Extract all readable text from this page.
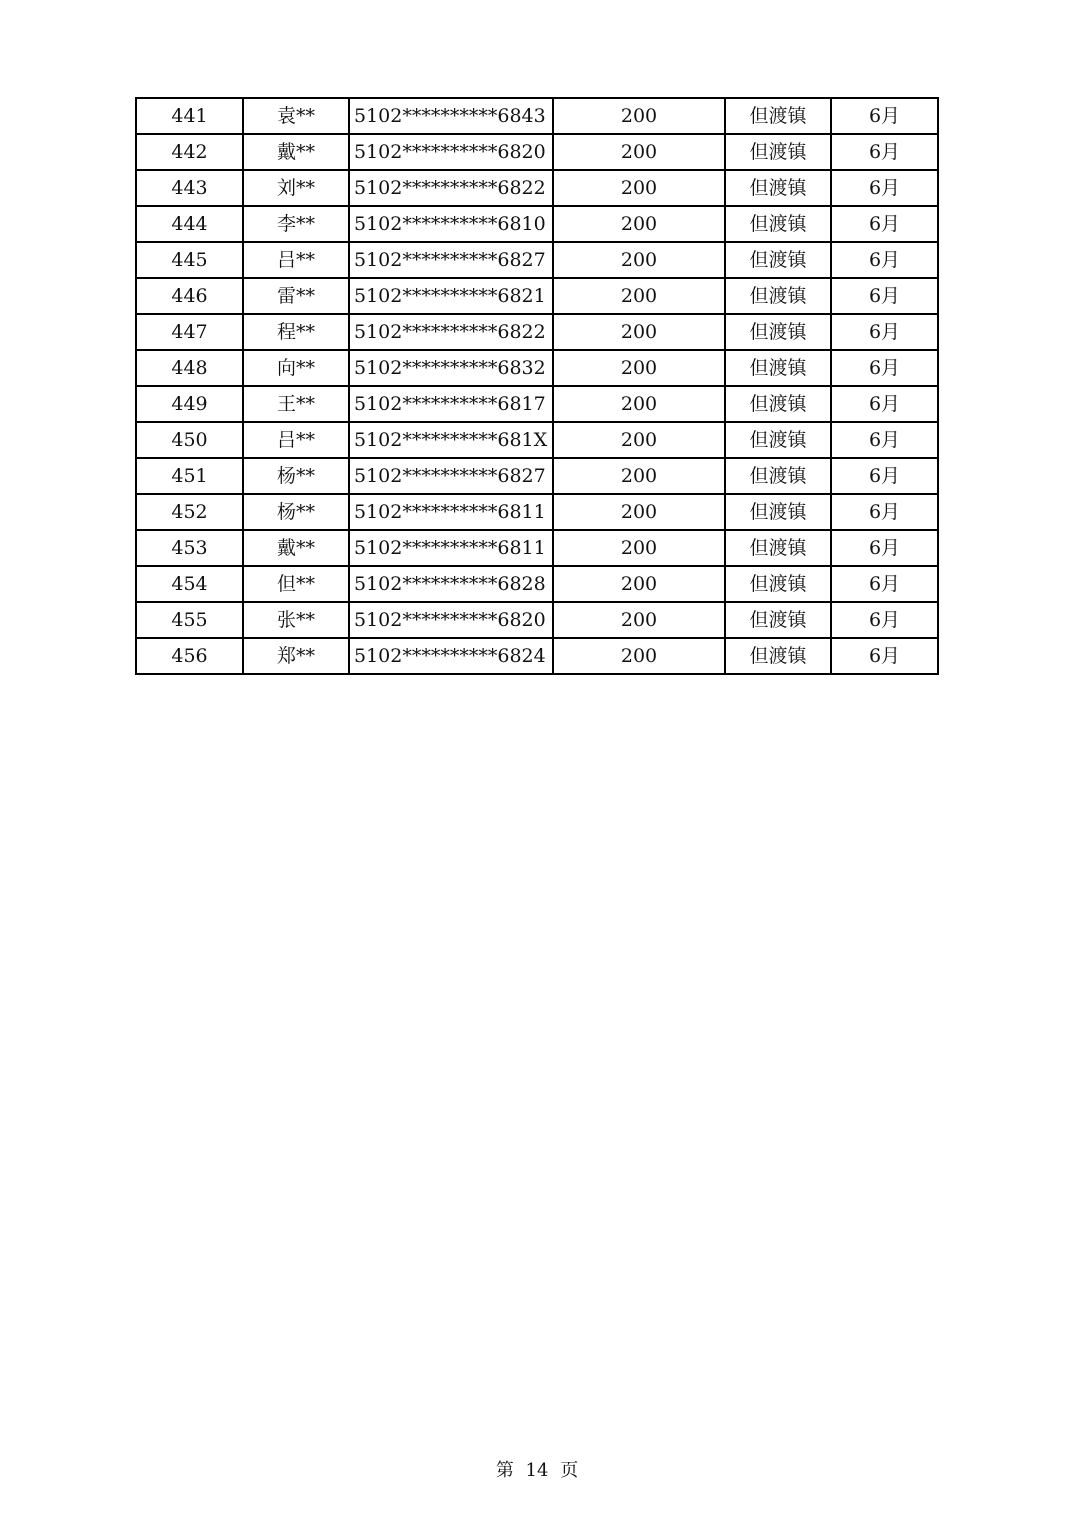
441	袁**	5102**********6843	200	但渡镇	6月
442	戴**	5102**********6820	200	但渡镇	6月
443	刘**	5102**********6822	200	但渡镇	6月
444	李**	5102**********6810	200	但渡镇	6月
445	吕**	5102**********6827	200	但渡镇	6月
446	雷**	5102**********6821	200	但渡镇	6月
447	程**	5102**********6822	200	但渡镇	6月
448	向**	5102**********6832	200	但渡镇	6月
449	王**	5102**********6817	200	但渡镇	6月
450	吕**	5102**********681X	200	但渡镇	6月
451	杨**	5102**********6827	200	但渡镇	6月
452	杨**	5102**********6811	200	但渡镇	6月
453	戴**	5102**********6811	200	但渡镇	6月
454	但**	5102**********6828	200	但渡镇	6月
455	张**	5102**********6820	200	但渡镇	6月
456	郑**	5102**********6824	200	但渡镇	6月
第 14 页
